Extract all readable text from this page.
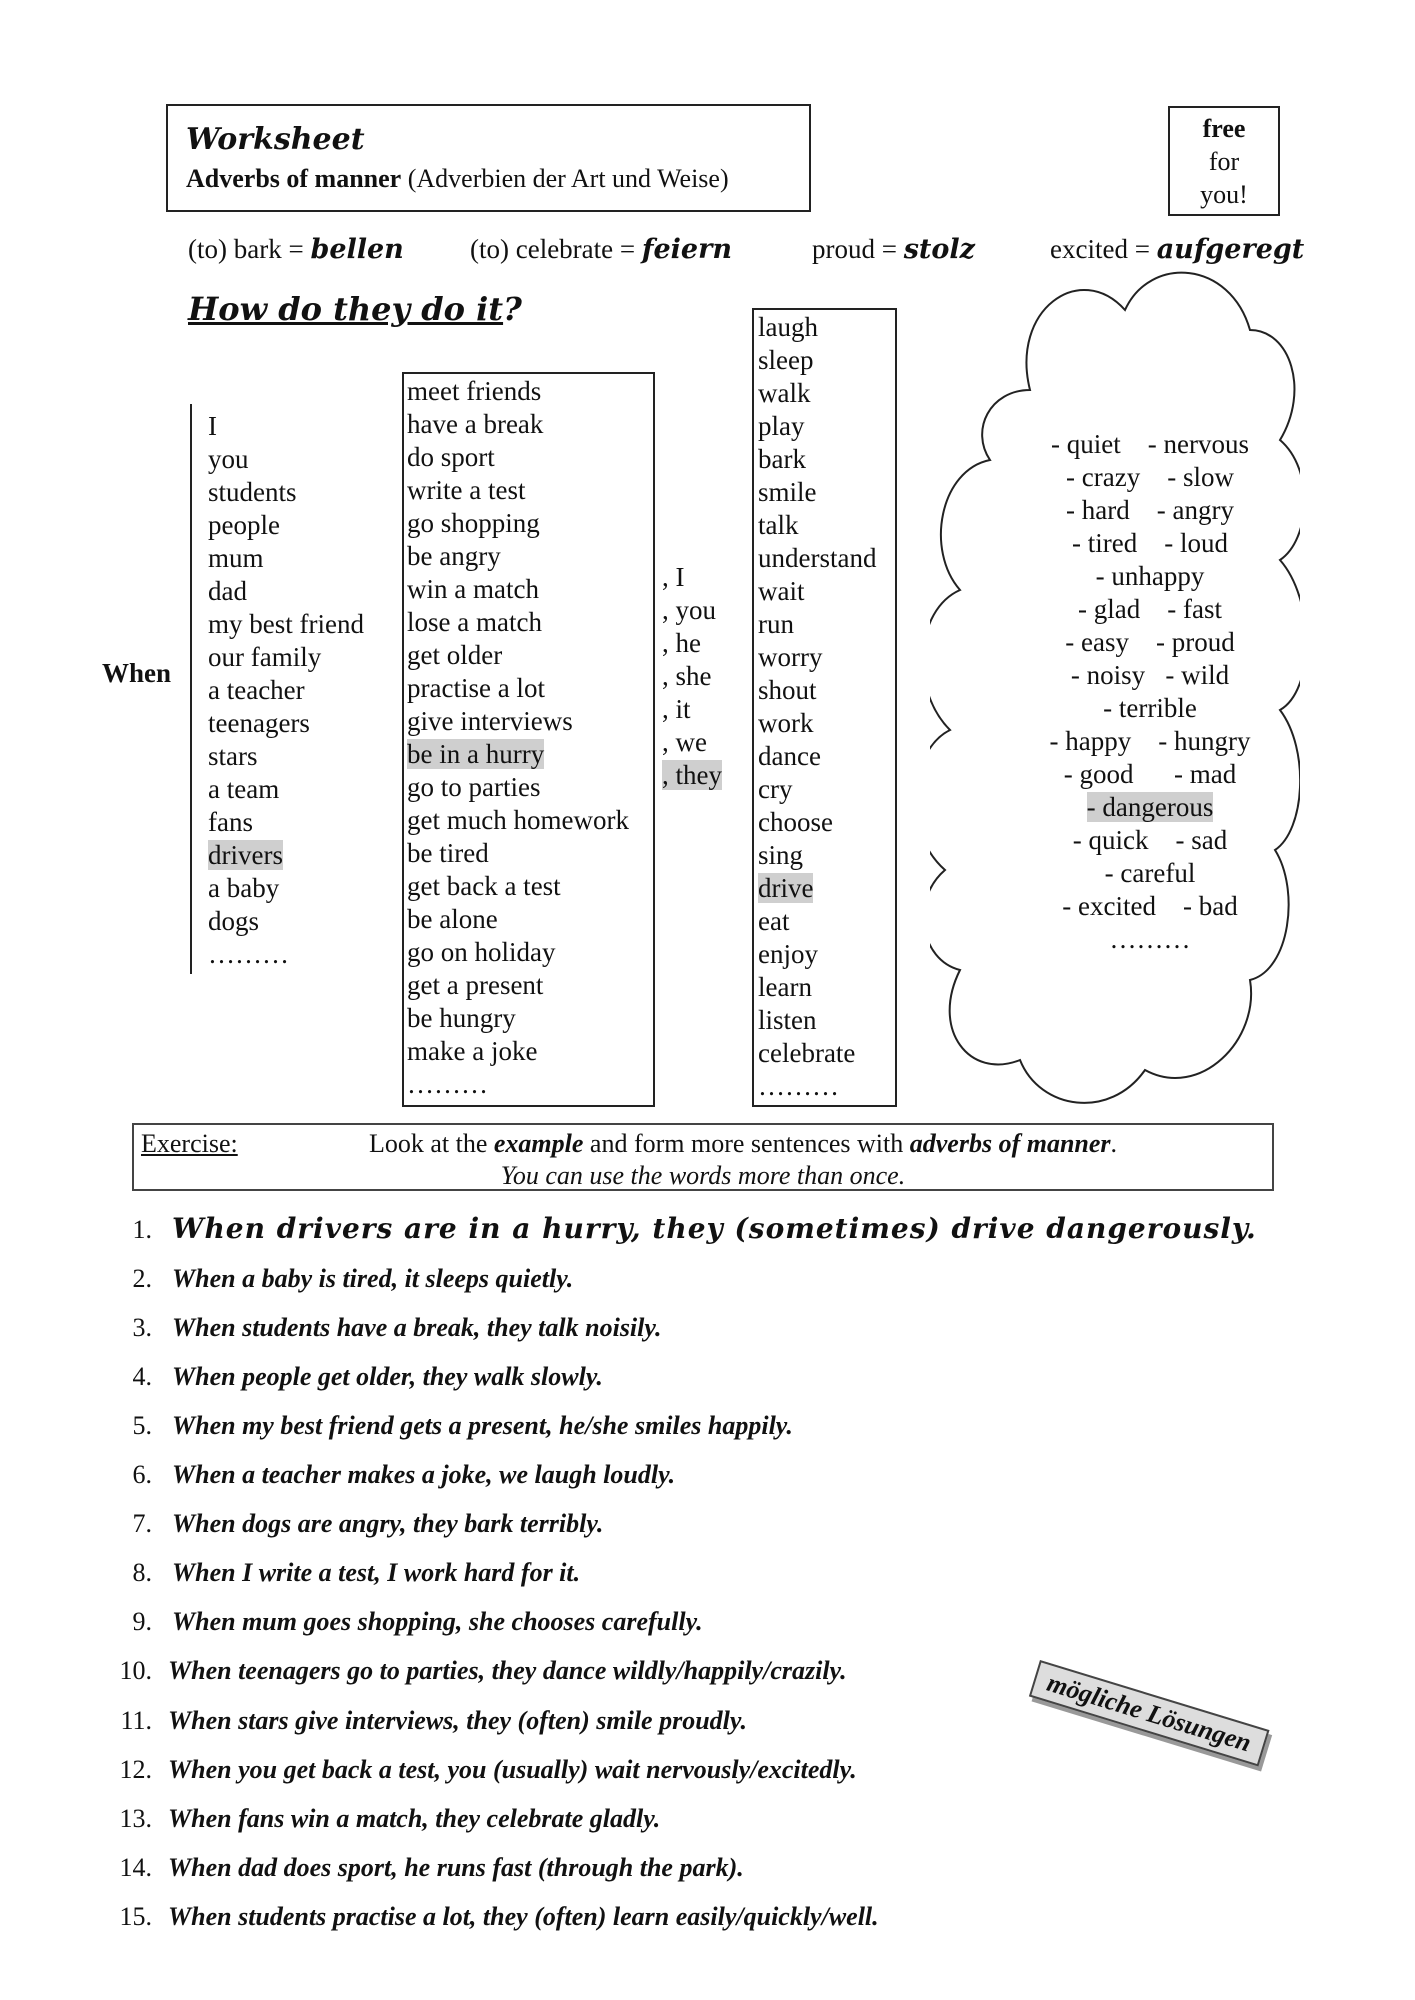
Worksheet
Adverbs of manner (Adverbien der Art und Weise)
free
for
you!
(to) bark = bellen (to) celebrate = feiern	proud = stolz	excited = aufgeregt
How do they do it?
When
I
you
students
people
mum
dad
my best friend
our family
a teacher
teenagers
stars
a team
fans
drivers
a baby
dogs
………
meet friends
have a break
do sport
write a test
go shopping
be angry
win a match
lose a match
get older
practise a lot
give interviews
be in a hurry
go to parties
get much homework
be tired
get back a test
be alone
go on holiday
get a present
be hungry
make a joke
………
, I
, you
, he
, she
, it
, we
, they
laugh
sleep
walk
play
bark
smile
talk
understand
wait
run
worry
shout
work
dance
cry
choose
sing
drive
eat
enjoy
learn
listen
celebrate
………
- quiet    - nervous
- crazy    - slow
- hard    - angry
- tired    - loud
- unhappy
- glad    - fast
- easy    - proud
- noisy   - wild
- terrible
- happy    - hungry
- good      - mad
- dangerous
- quick    - sad
- careful
- excited    - bad
………
Exercise:	Look at the example and form more sentences with adverbs of manner.
You can use the words more than once.
1. When drivers are in a hurry, they (sometimes) drive dangerously.
2. When a baby is tired, it sleeps quietly.
3. When students have a break, they talk noisily.
4. When people get older, they walk slowly.
5. When my best friend gets a present, he/she smiles happily.
6. When a teacher makes a joke, we laugh loudly.
7. When dogs are angry, they bark terribly.
8. When I write a test, I work hard for it.
9. When mum goes shopping, she chooses carefully.
10. When teenagers go to parties, they dance wildly/happily/crazily.
11. When stars give interviews, they (often) smile proudly.
12. When you get back a test, you (usually) wait nervously/excitedly.
13. When fans win a match, they celebrate gladly.
14. When dad does sport, he runs fast (through the park).
15. When students practise a lot, they (often) learn easily/quickly/well.
mögliche Lösungen
